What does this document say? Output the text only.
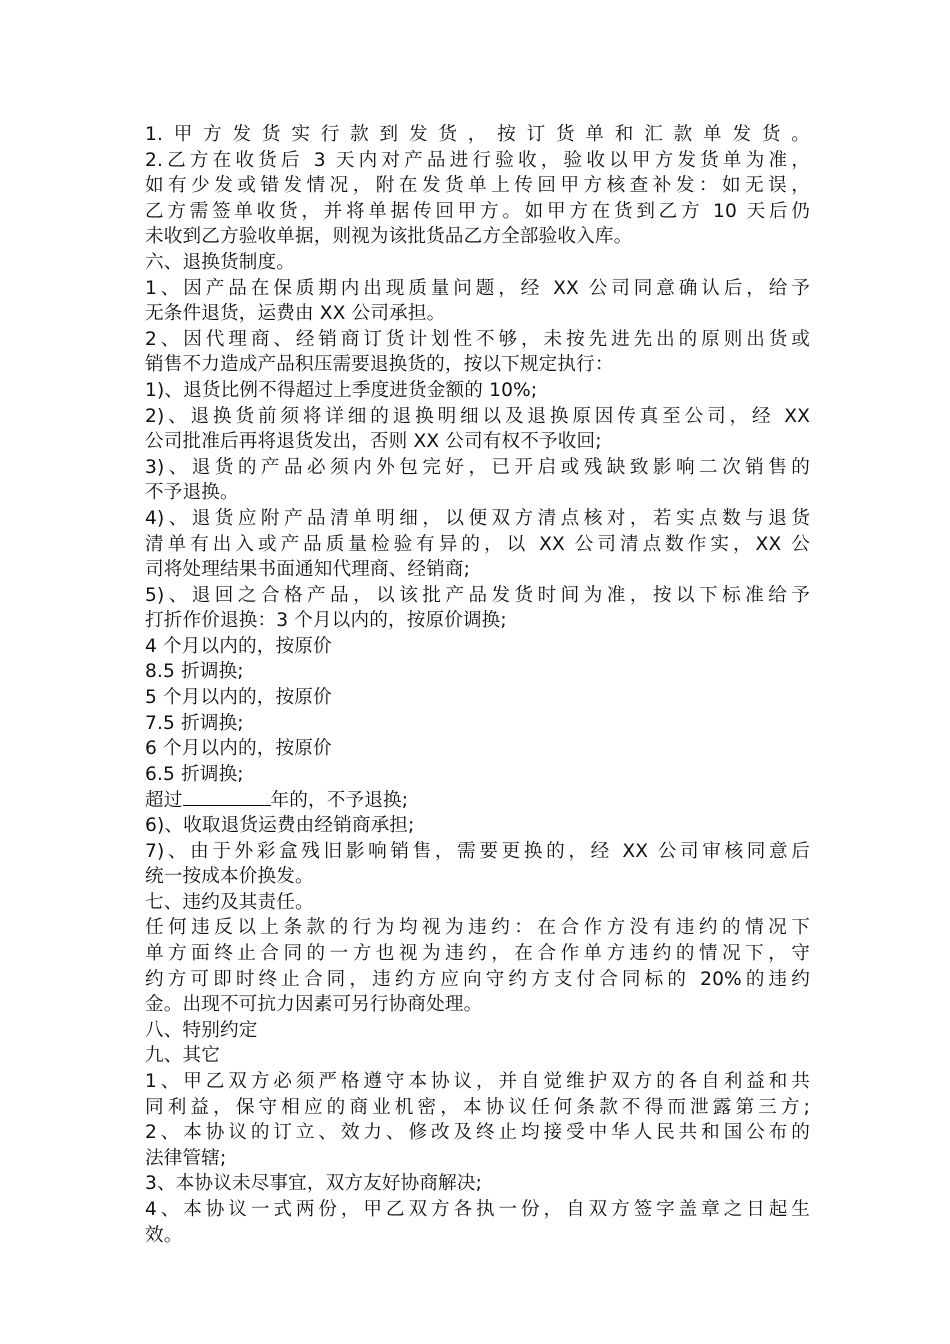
1.甲方发货实行款到发货，按订货单和汇款单发货。
2.乙方在收货后 3 天内对产品进行验收，验收以甲方发货单为准，
如有少发或错发情况，附在发货单上传回甲方核查补发：如无误，
乙方需签单收货，并将单据传回甲方。如甲方在货到乙方 10 天后仍
未收到乙方验收单据，则视为该批货品乙方全部验收入库。
六、退换货制度。
1、因产品在保质期内出现质量问题，经 XX 公司同意确认后，给予
无条件退货，运费由 XX 公司承担。
2、因代理商、经销商订货计划性不够，未按先进先出的原则出货或
销售不力造成产品积压需要退换货的，按以下规定执行：
1)、退货比例不得超过上季度进货金额的 10%;
2)、退换货前须将详细的退换明细以及退换原因传真至公司，经 XX
公司批准后再将退货发出，否则 XX 公司有权不予收回;
3)、退货的产品必须内外包完好，已开启或残缺致影响二次销售的
不予退换。
4)、退货应附产品清单明细，以便双方清点核对，若实点数与退货
清单有出入或产品质量检验有异的，以 XX 公司清点数作实，XX 公
司将处理结果书面通知代理商、经销商;
5)、退回之合格产品，以该批产品发货时间为准，按以下标准给予
打折作价退换：3 个月以内的，按原价调换;
4 个月以内的，按原价
8.5 折调换;
5 个月以内的，按原价
7.5 折调换;
6 个月以内的，按原价
6.5 折调换;
超过	年的，不予退换;
6)、收取退货运费由经销商承担;
7)、由于外彩盒残旧影响销售，需要更换的，经 XX 公司审核同意后
统一按成本价换发。
七、违约及其责任。
任何违反以上条款的行为均视为违约：在合作方没有违约的情况下
单方面终止合同的一方也视为违约，在合作单方违约的情况下，守
约方可即时终止合同，违约方应向守约方支付合同标的 20%的违约
金。出现不可抗力因素可另行协商处理。
八、特别约定
九、其它
1、甲乙双方必须严格遵守本协议，并自觉维护双方的各自利益和共
同利益，保守相应的商业机密，本协议任何条款不得而泄露第三方;
2、本协议的订立、效力、修改及终止均接受中华人民共和国公布的
法律管辖;
3、本协议未尽事宜，双方友好协商解决;
4、本协议一式两份，甲乙双方各执一份，自双方签字盖章之日起生
效。
